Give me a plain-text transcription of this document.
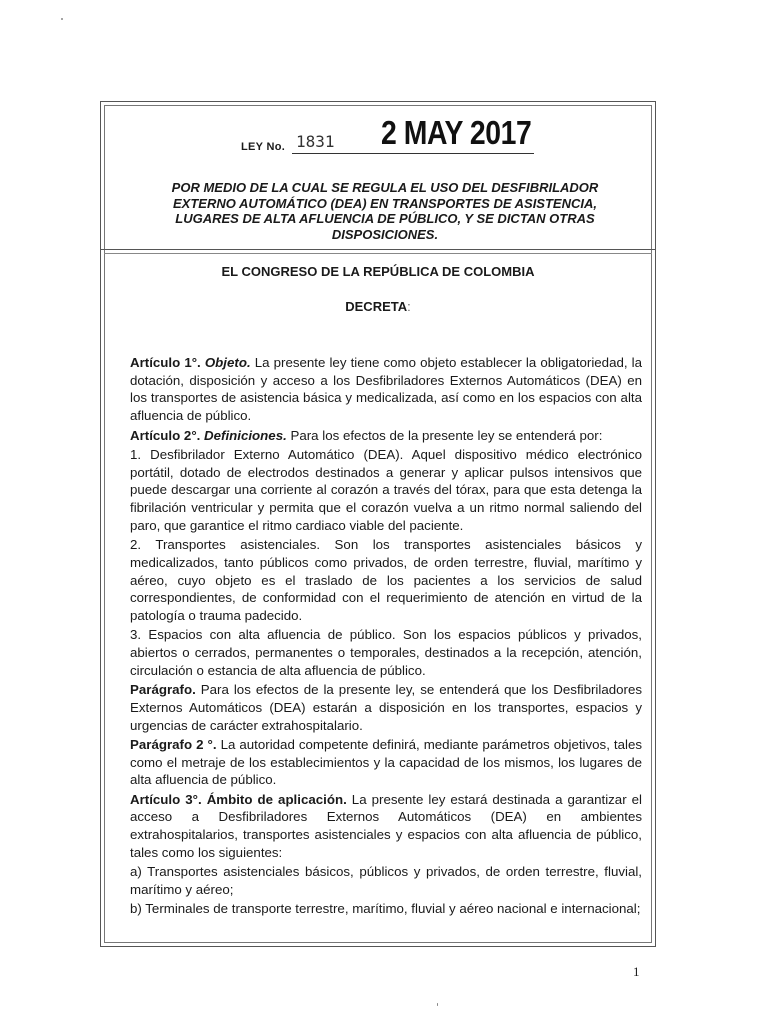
LEY No. 1831 2 MAY 2017

POR MEDIO DE LA CUAL SE REGULA EL USO DEL DESFIBRILADOR EXTERNO AUTOMÁTICO (DEA) EN TRANSPORTES DE ASISTENCIA, LUGARES DE ALTA AFLUENCIA DE PÚBLICO, Y SE DICTAN OTRAS DISPOSICIONES.

EL CONGRESO DE LA REPÚBLICA DE COLOMBIA

DECRETA:

Artículo 1°. Objeto. La presente ley tiene como objeto establecer la obligatoriedad, la dotación, disposición y acceso a los Desfibriladores Externos Automáticos (DEA) en los transportes de asistencia básica y medicalizada, así como en los espacios con alta afluencia de público.

Artículo 2°. Definiciones. Para los efectos de la presente ley se entenderá por:

1. Desfibrilador Externo Automático (DEA). Aquel dispositivo médico electrónico portátil, dotado de electrodos destinados a generar y aplicar pulsos intensivos que puede descargar una corriente al corazón a través del tórax, para que esta detenga la fibrilación ventricular y permita que el corazón vuelva a un ritmo normal saliendo del paro, que garantice el ritmo cardiaco viable del paciente.

2. Transportes asistenciales. Son los transportes asistenciales básicos y medicalizados, tanto públicos como privados, de orden terrestre, fluvial, marítimo y aéreo, cuyo objeto es el traslado de los pacientes a los servicios de salud correspondientes, de conformidad con el requerimiento de atención en virtud de la patología o trauma padecido.

3. Espacios con alta afluencia de público. Son los espacios públicos y privados, abiertos o cerrados, permanentes o temporales, destinados a la recepción, atención, circulación o estancia de alta afluencia de público.

Parágrafo. Para los efectos de la presente ley, se entenderá que los Desfibriladores Externos Automáticos (DEA) estarán a disposición en los transportes, espacios y urgencias de carácter extrahospitalario.

Parágrafo 2 °. La autoridad competente definirá, mediante parámetros objetivos, tales como el metraje de los establecimientos y la capacidad de los mismos, los lugares de alta afluencia de público.

Artículo 3°. Ámbito de aplicación. La presente ley estará destinada a garantizar el acceso a Desfibriladores Externos Automáticos (DEA) en ambientes extrahospitalarios, transportes asistenciales y espacios con alta afluencia de público, tales como los siguientes:

a) Transportes asistenciales básicos, públicos y privados, de orden terrestre, fluvial, marítimo y aéreo;

b) Terminales de transporte terrestre, marítimo, fluvial y aéreo nacional e internacional;

1
